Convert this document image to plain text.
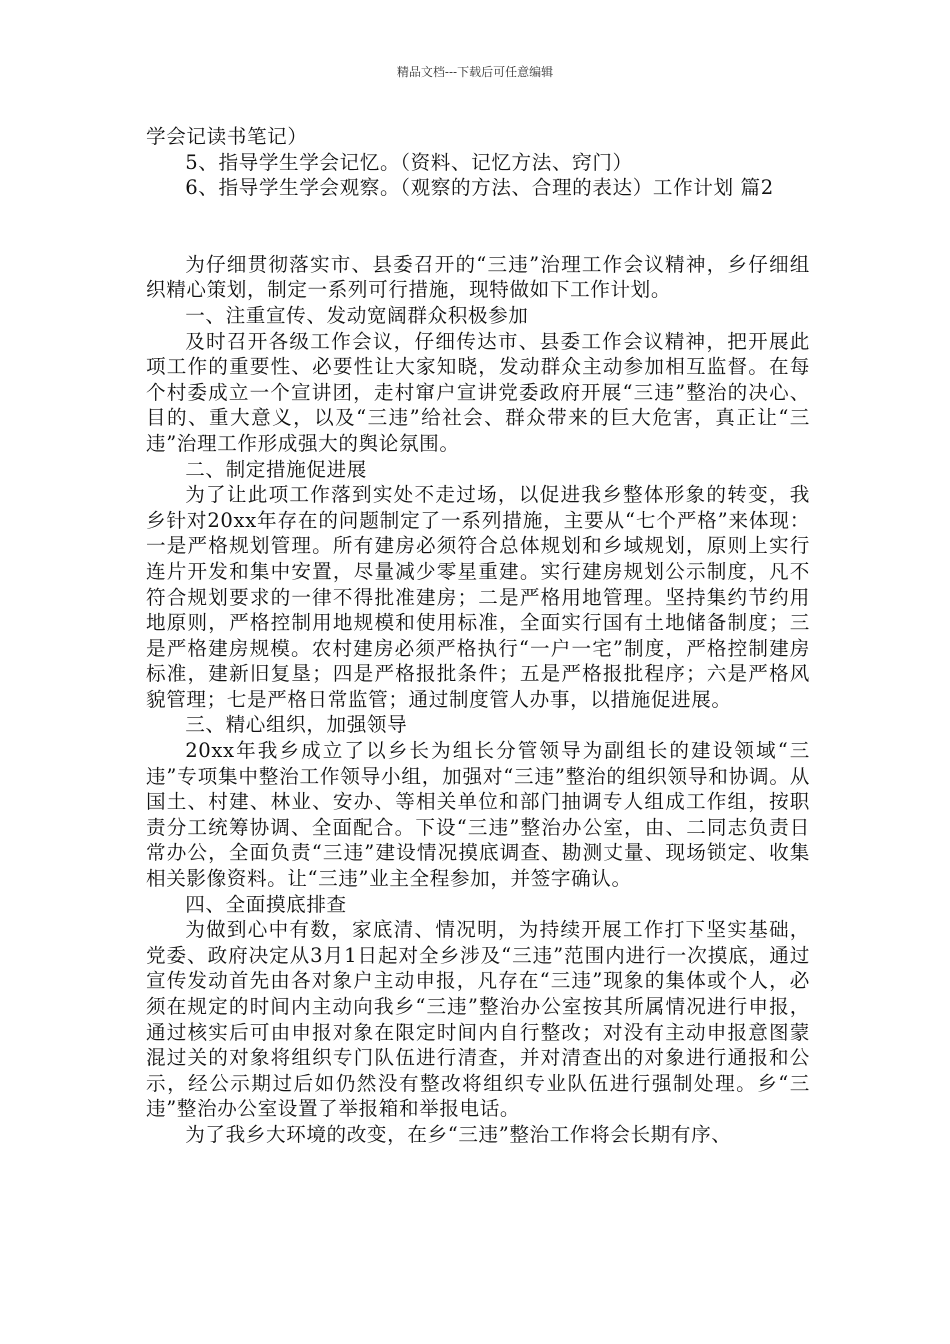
精品文档---下载后可任意编辑

学会记读书笔记）

5、指导学生学会记忆。（资料、记忆方法、窍门）

6、指导学生学会观察。（观察的方法、合理的表达）工作计划 篇2

为仔细贯彻落实市、县委召开的“三违”治理工作会议精神，乡仔细组织精心策划，制定一系列可行措施，现特做如下工作计划。

一、注重宣传、发动宽阔群众积极参加

及时召开各级工作会议，仔细传达市、县委工作会议精神，把开展此项工作的重要性、必要性让大家知晓，发动群众主动参加相互监督。在每个村委成立一个宣讲团，走村窜户宣讲党委政府开展“三违”整治的决心、目的、重大意义，以及“三违”给社会、群众带来的巨大危害，真正让“三违”治理工作形成强大的舆论氛围。

二、制定措施促进展

为了让此项工作落到实处不走过场，以促进我乡整体形象的转变，我乡针对20xx年存在的问题制定了一系列措施，主要从“七个严格”来体现：一是严格规划管理。所有建房必须符合总体规划和乡域规划，原则上实行连片开发和集中安置，尽量减少零星重建。实行建房规划公示制度，凡不符合规划要求的一律不得批准建房；二是严格用地管理。坚持集约节约用地原则，严格控制用地规模和使用标准，全面实行国有土地储备制度；三是严格建房规模。农村建房必须严格执行“一户一宅”制度，严格控制建房标准，建新旧复垦；四是严格报批条件；五是严格报批程序；六是严格风貌管理；七是严格日常监管；通过制度管人办事，以措施促进展。

三、精心组织，加强领导

20xx年我乡成立了以乡长为组长分管领导为副组长的建设领域“三违”专项集中整治工作领导小组，加强对“三违”整治的组织领导和协调。从国土、村建、林业、安办、等相关单位和部门抽调专人组成工作组，按职责分工统筹协调、全面配合。下设“三违”整治办公室，由、二同志负责日常办公，全面负责“三违”建设情况摸底调查、勘测丈量、现场锁定、收集相关影像资料。让“三违”业主全程参加，并签字确认。

四、全面摸底排查

为做到心中有数，家底清、情况明，为持续开展工作打下坚实基础，党委、政府决定从3月1日起对全乡涉及“三违”范围内进行一次摸底，通过宣传发动首先由各对象户主动申报，凡存在“三违”现象的集体或个人，必须在规定的时间内主动向我乡“三违”整治办公室按其所属情况进行申报，通过核实后可由申报对象在限定时间内自行整改；对没有主动申报意图蒙混过关的对象将组织专门队伍进行清查，并对清查出的对象进行通报和公示，经公示期过后如仍然没有整改将组织专业队伍进行强制处理。乡“三违”整治办公室设置了举报箱和举报电话。

为了我乡大环境的改变，在乡“三违”整治工作将会长期有序、
